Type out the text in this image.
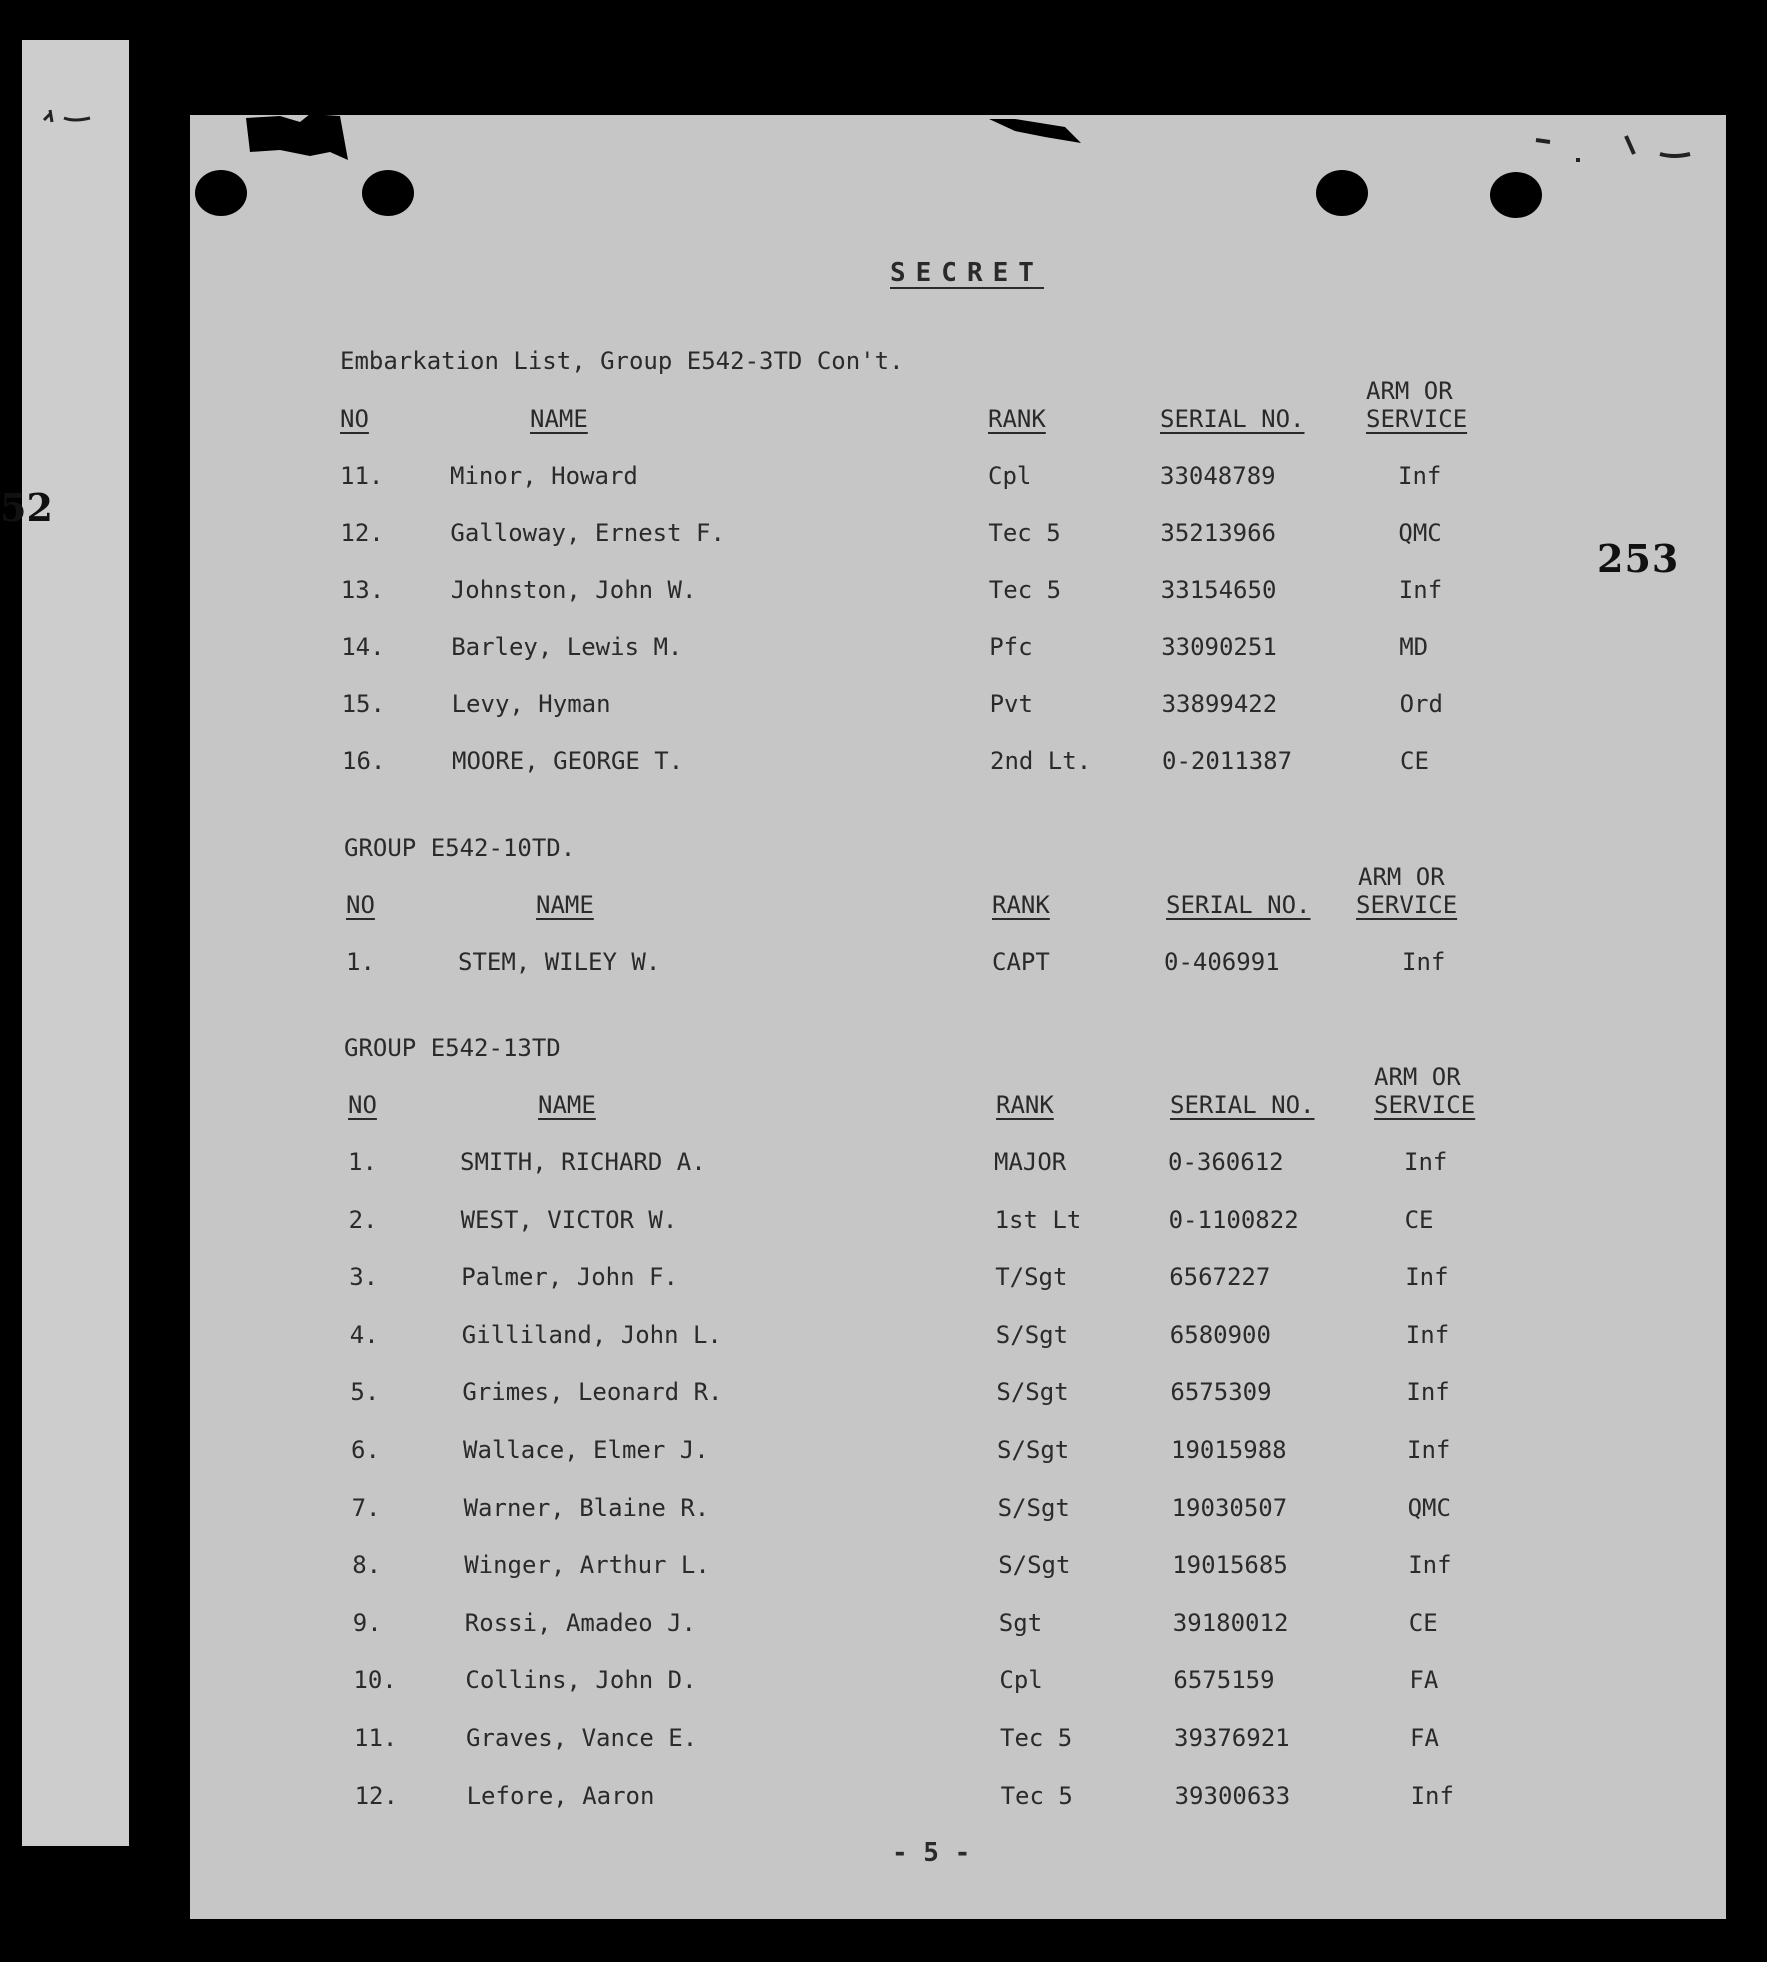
52
253
SECRET
Embarkation List, Group E542-3TD Con't.
ARM OR
NO	NAME	RANK	SERIAL NO.	SERVICE
11.	Minor, Howard	Cpl	33048789	Inf
12.	Galloway, Ernest F.	Tec 5	35213966	QMC
13.	Johnston, John W.	Tec 5	33154650	Inf
14.	Barley, Lewis M.	Pfc	33090251	MD
15.	Levy, Hyman	Pvt	33899422	Ord
16.	MOORE, GEORGE T.	2nd Lt.	0-2011387	CE
GROUP E542-10TD.
ARM OR
NO	NAME	RANK	SERIAL NO. SERVICE
1.	STEM, WILEY W.	CAPT	0-406991	Inf
GROUP E542-13TD
ARM OR
NO	NAME	RANK	SERIAL NO. SERVICE
1.	SMITH, RICHARD A.	MAJOR	0-360612	Inf
2.	WEST, VICTOR W.	1st Lt	0-1100822	CE
3.	Palmer, John F.	T/Sgt	6567227	Inf
4.	Gilliland, John L.	S/Sgt	6580900	Inf
5.	Grimes, Leonard R.	S/Sgt	6575309	Inf
6.	Wallace, Elmer J.	S/Sgt	19015988	Inf
7.	Warner, Blaine R.	S/Sgt	19030507	QMC
8.	Winger, Arthur L.	S/Sgt	19015685	Inf
9.	Rossi, Amadeo J.	Sgt	39180012	CE
10.	Collins, John D.	Cpl	6575159	FA
11.	Graves, Vance E.	Tec 5	39376921	FA
12.	Lefore, Aaron	Tec 5	39300633	Inf
- 5 -
